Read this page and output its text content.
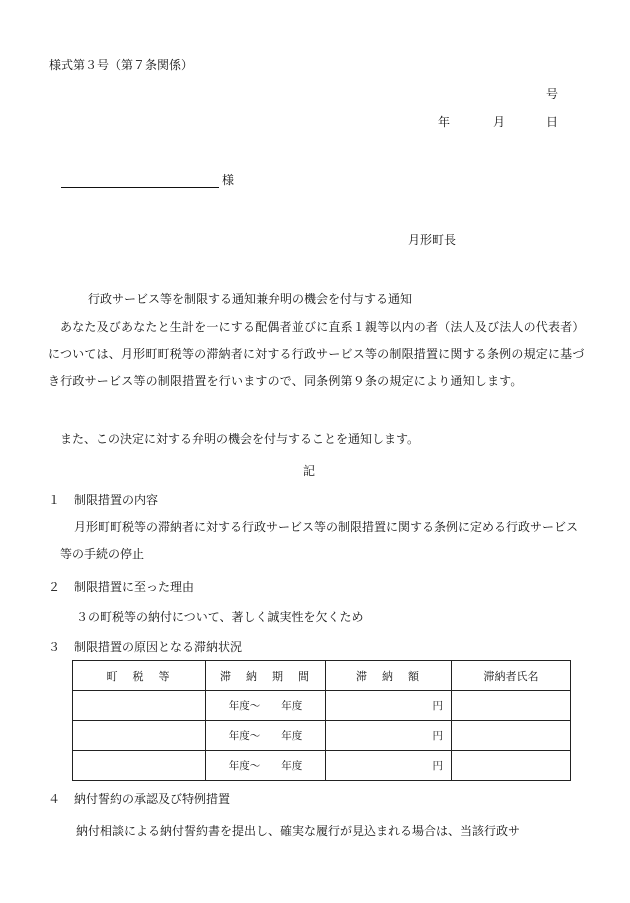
様式第３号（第７条関係）
号
年	月	日
様
月形町長
行政サービス等を制限する通知兼弁明の機会を付与する通知
あなた及びあなたと生計を一にする配偶者並びに直系１親等以内の者（法人及び法人の代表者）については、月形町町税等の滞納者に対する行政サービス等の制限措置に関する条例の規定に基づき行政サービス等の制限措置を行いますので、同条例第９条の規定により通知します。
また、この決定に対する弁明の機会を付与することを通知します。
記
１ 制限措置の内容
月形町町税等の滞納者に対する行政サービス等の制限措置に関する条例に定める行政サービス等の手続の停止
２ 制限措置に至った理由
３の町税等の納付について、著しく誠実性を欠くため
３ 制限措置の原因となる滞納状況
町　税　等	滞　納　期　間	滞　納　額	滞納者氏名
	年度～　　年度	円	
	年度～　　年度	円	
	年度～　　年度	円	
４ 納付誓約の承認及び特例措置
納付相談による納付誓約書を提出し、確実な履行が見込まれる場合は、当該行政サ
